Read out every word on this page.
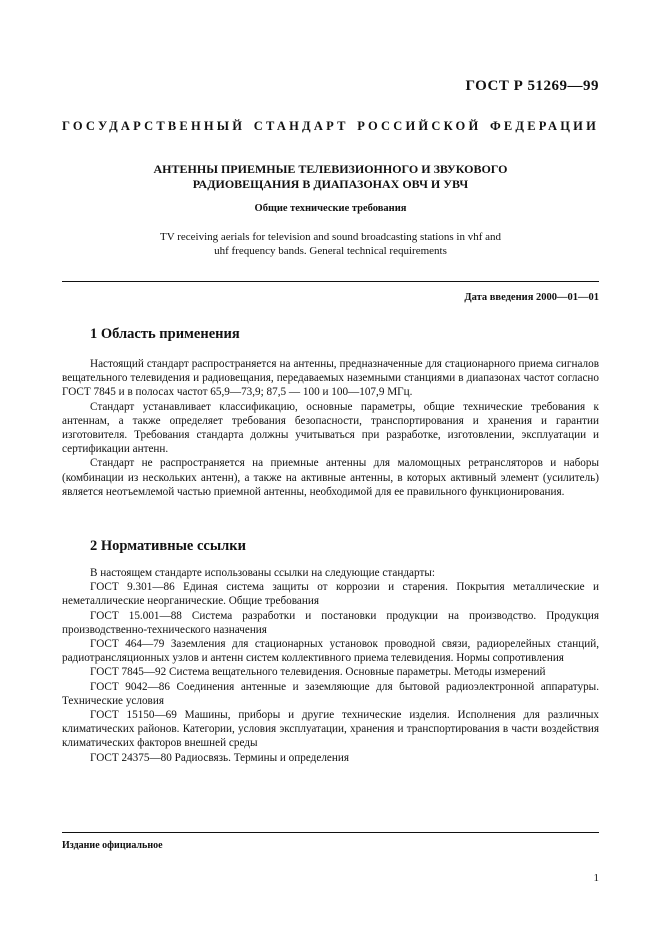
ГОСТ Р 51269—99
ГОСУДАРСТВЕННЫЙ СТАНДАРТ РОССИЙСКОЙ ФЕДЕРАЦИИ
АНТЕННЫ ПРИЕМНЫЕ ТЕЛЕВИЗИОННОГО И ЗВУКОВОГО
РАДИОВЕЩАНИЯ В ДИАПАЗОНАХ ОВЧ И УВЧ
Общие технические требования
TV receiving aerials for television and sound broadcasting stations in vhf and
uhf frequency bands. General technical requirements
Дата введения 2000—01—01
1 Область применения

Настоящий стандарт распространяется на антенны, предназначенные для стационарного приема сигналов вещательного телевидения и радиовещания, передаваемых наземными станциями в диапазонах частот согласно ГОСТ 7845 и в полосах частот 65,9—73,9; 87,5 — 100 и 100—107,9 МГц.

Стандарт устанавливает классификацию, основные параметры, общие технические требования к антеннам, а также определяет требования безопасности, транспортирования и хранения и гарантии изготовителя. Требования стандарта должны учитываться при разработке, изготовлении, эксплуатации и сертификации антенн.

Стандарт не распространяется на приемные антенны для маломощных ретрансляторов и наборы (комбинации из нескольких антенн), а также на активные антенны, в которых активный элемент (усилитель) является неотъемлемой частью приемной антенны, необходимой для ее правильного функционирования.

2 Нормативные ссылки

В настоящем стандарте использованы ссылки на следующие стандарты:

ГОСТ 9.301—86 Единая система защиты от коррозии и старения. Покрытия металлические и неметаллические неорганические. Общие требования

ГОСТ 15.001—88 Система разработки и постановки продукции на производство. Продукция производственно-технического назначения

ГОСТ 464—79 Заземления для стационарных установок проводной связи, радиорелейных станций, радиотрансляционных узлов и антенн систем коллективного приема телевидения. Нормы сопротивления

ГОСТ 7845—92 Система вещательного телевидения. Основные параметры. Методы измерений

ГОСТ 9042—86 Соединения антенные и заземляющие для бытовой радиоэлектронной аппаратуры. Технические условия

ГОСТ 15150—69 Машины, приборы и другие технические изделия. Исполнения для различных климатических районов. Категории, условия эксплуатации, хранения и транспортирования в части воздействия климатических факторов внешней среды

ГОСТ 24375—80 Радиосвязь. Термины и определения

Издание официальное
1
